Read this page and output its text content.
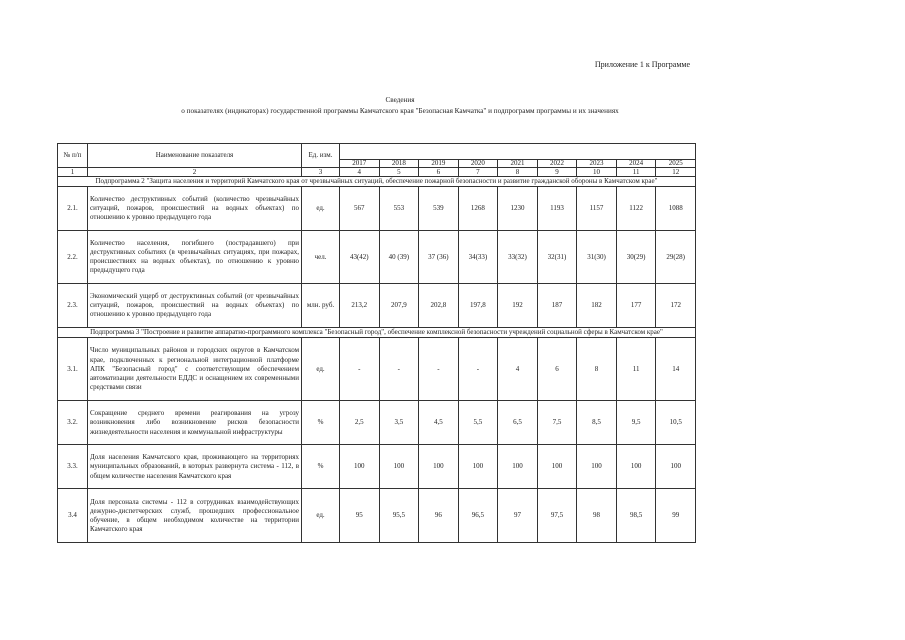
Приложение 1 к Программе
Сведения
о показателях (индикаторах) государственной программы Камчатского края "Безопасная Камчатка" и подпрограмм программы и их значениях
№ п/п	Наименование показателя	Ед. изм.									
			2017	2018	2019	2020	2021	2022	2023	2024	2025
1	2	3	4	5	6	7	8	9	10	11	12
Подпрограмма 2 "Защита населения и территорий Камчатского края от чрезвычайных ситуаций, обеспечение пожарной безопасности и развитие гражданской обороны в Камчатском крае"											
2.1.	Количество деструктивных событий (количество чрезвычайных ситуаций, пожаров, происшествий на водных объектах) по отношению к уровню предыдущего года	ед.	567	553	539	1268	1230	1193	1157	1122	1088
2.2.	Количество населения, погибшего (пострадавшего) при деструктивных событиях (в чрезвычайных ситуациях, при пожарах, происшествиях на водных объектах), по отношению к уровню предыдущего года	чел.	43(42)	40 (39)	37 (36)	34(33)	33(32)	32(31)	31(30)	30(29)	29(28)
2.3.	Экономический ущерб от деструктивных событий (от чрезвычайных ситуаций, пожаров, происшествий на водных объектах) по отношению к уровню предыдущего года	млн. руб.	213,2	207,9	202,8	197,8	192	187	182	177	172
Подпрограмма 3 "Построение и развитие аппаратно-программного комплекса "Безопасный город", обеспечение комплексной безопасности учреждений социальной сферы в Камчатском крае"											
3.1.	Число муниципальных районов и городских округов в Камчатском крае, подключенных к региональной интеграционной платформе АПК "Безопасный город" с соответствующим обеспечением автоматизации деятельности ЕДДС и оснащением их современными средствами связи	ед.	-	-	-	-	4	6	8	11	14
3.2.	Сокращение среднего времени реагирования на угрозу возникновения либо возникновение рисков безопасности жизнедеятельности населения и коммунальной инфраструктуры	%	2,5	3,5	4,5	5,5	6,5	7,5	8,5	9,5	10,5
3.3.	Доля населения Камчатского края, проживающего на территориях муниципальных образований, в которых развернута система - 112, в общем количестве населения Камчатского края	%	100	100	100	100	100	100	100	100	100
3.4	Доля персонала системы - 112 в сотрудниках взаимодействующих дежурно-диспетчерских служб, прошедших профессиональное обучение, в общем необходимом количестве на территории Камчатского края	ед.	95	95,5	96	96,5	97	97,5	98	98,5	99
